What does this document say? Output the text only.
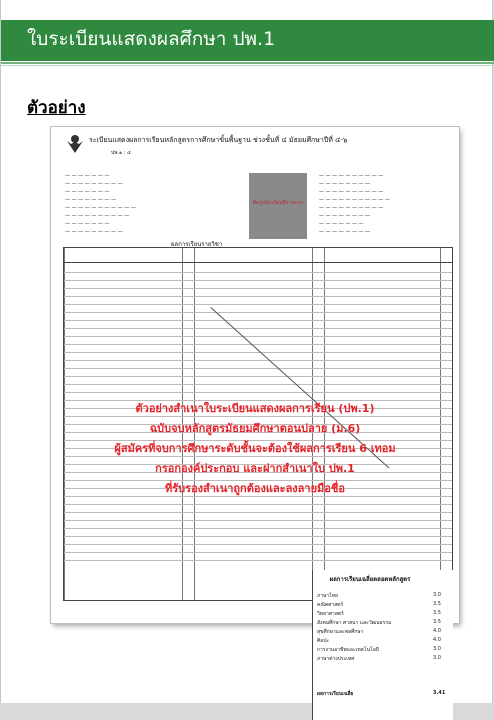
ใบระเบียนแสดงผลศึกษา ปพ.1
ตัวอย่าง
ระเบียนแสดงผลการเรียนหลักสูตรการศึกษาขั้นพื้นฐาน ช่วงชั้นที่ ๔ มัธยมศึกษาปีที่ ๔-๖
ปพ.๑ : ๔
— — — — — — —
— — — — — — — — —
— — — — — — —
— — — — — — — —
— — — — — — — — — — —
— — — — — — — — — —
— — — — — — —
— — — — — — — — —
— — — — — — — — — —
— — — — — — — —
— — — — — — — — — —
— — — — — — — — — — —
— — — — — — — — — —
— — — — — — — —
— — — — — — —
— — — — — — — —
ติดรูปนักเรียนที่ราชการ
ผลการเรียนรายวิชา
ผลการเรียนเฉลี่ยตลอดหลักสูตร
ภาษาไทย
คณิตศาสตร์
วิทยาศาสตร์
สังคมศึกษา ศาสนา และวัฒนธรรม
สุขศึกษาและพลศึกษา
ศิลปะ
การงานอาชีพและเทคโนโลยี
ภาษาต่างประเทศ
3.0
3.5
3.5
3.5
4.0
4.0
3.0
3.0
ผลการเรียนเฉลี่ย	3.41
ตัวอย่างสำเนาใบระเบียนแสดงผลการเรียน (ปพ.1)
ฉบับจบหลักสูตรมัธยมศึกษาตอนปลาย (ม.6)
ผู้สมัครที่จบการศึกษาระดับชั้นจะต้องใช้ผลการเรียน 6 เทอม
กรอกองค์ประกอบ และฝากสำเนาใบ ปพ.1
ที่รับรองสำเนาถูกต้องและลงลายมือชื่อ
